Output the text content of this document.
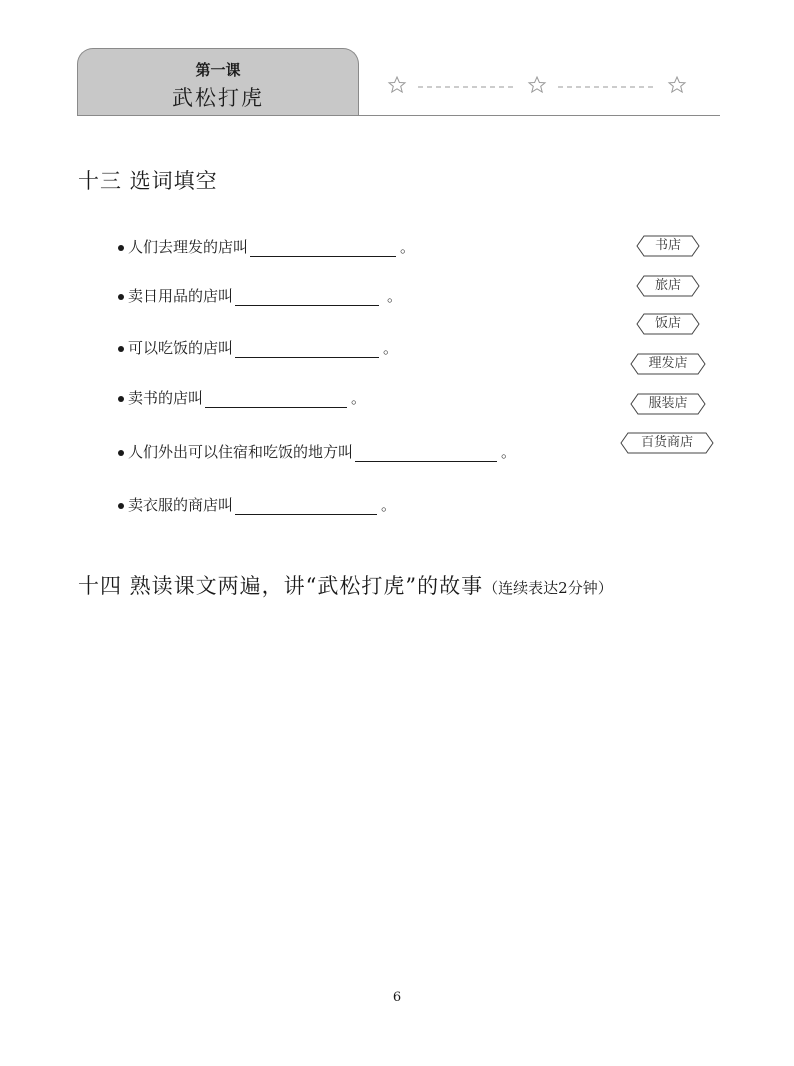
第一课
武松打虎
十三 选词填空
人们去理发的店叫	。
卖日用品的店叫	。
可以吃饭的店叫	。
卖书的店叫	。
人们外出可以住宿和吃饭的地方叫	。
卖衣服的商店叫	。
书店
旅店
饭店
理发店
服装店
百货商店
十四 熟读课文两遍，讲“武松打虎”的故事（连续表达2分钟）
6
